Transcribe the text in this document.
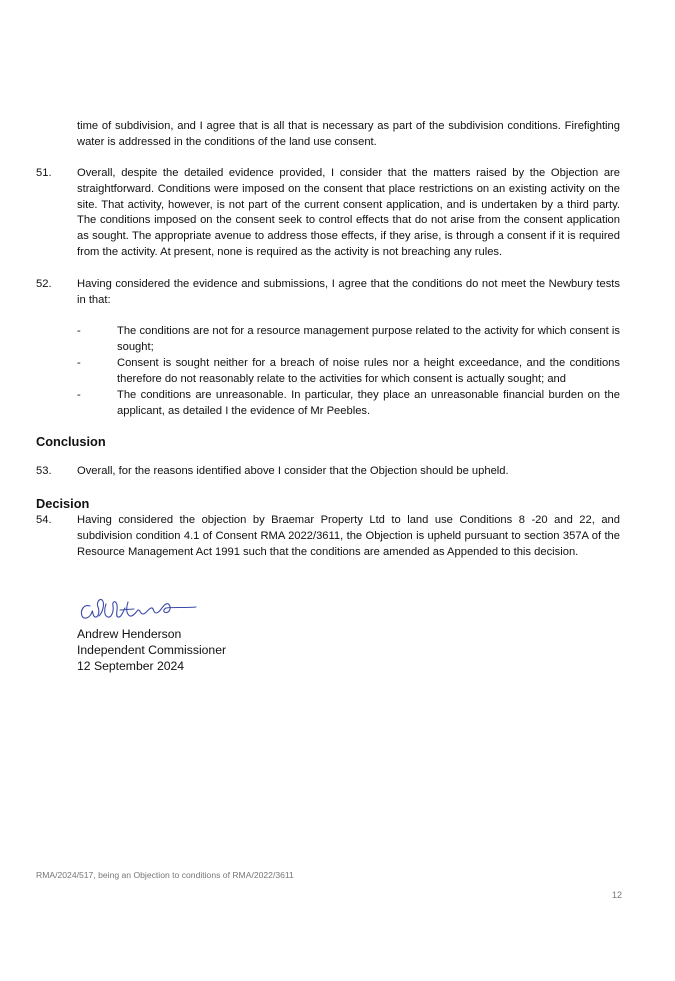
time of subdivision, and I agree that is all that is necessary as part of the subdivision conditions. Firefighting water is addressed in the conditions of the land use consent.
51. Overall, despite the detailed evidence provided, I consider that the matters raised by the Objection are straightforward. Conditions were imposed on the consent that place restrictions on an existing activity on the site. That activity, however, is not part of the current consent application, and is undertaken by a third party. The conditions imposed on the consent seek to control effects that do not arise from the consent application as sought. The appropriate avenue to address those effects, if they arise, is through a consent if it is required from the activity. At present, none is required as the activity is not breaching any rules.
52. Having considered the evidence and submissions, I agree that the conditions do not meet the Newbury tests in that:
-	The conditions are not for a resource management purpose related to the activity for which consent is sought;
-	Consent is sought neither for a breach of noise rules nor a height exceedance, and the conditions therefore do not reasonably relate to the activities for which consent is actually sought; and
-	The conditions are unreasonable. In particular, they place an unreasonable financial burden on the applicant, as detailed I the evidence of Mr Peebles.
Conclusion
53. Overall, for the reasons identified above I consider that the Objection should be upheld.
Decision
54. Having considered the objection by Braemar Property Ltd to land use Conditions 8 -20 and 22, and subdivision condition 4.1 of Consent RMA 2022/3611, the Objection is upheld pursuant to section 357A of the Resource Management Act 1991 such that the conditions are amended as Appended to this decision.
Andrew Henderson
Independent Commissioner
12 September 2024
RMA/2024/517, being an Objection to conditions of RMA/2022/3611
12
